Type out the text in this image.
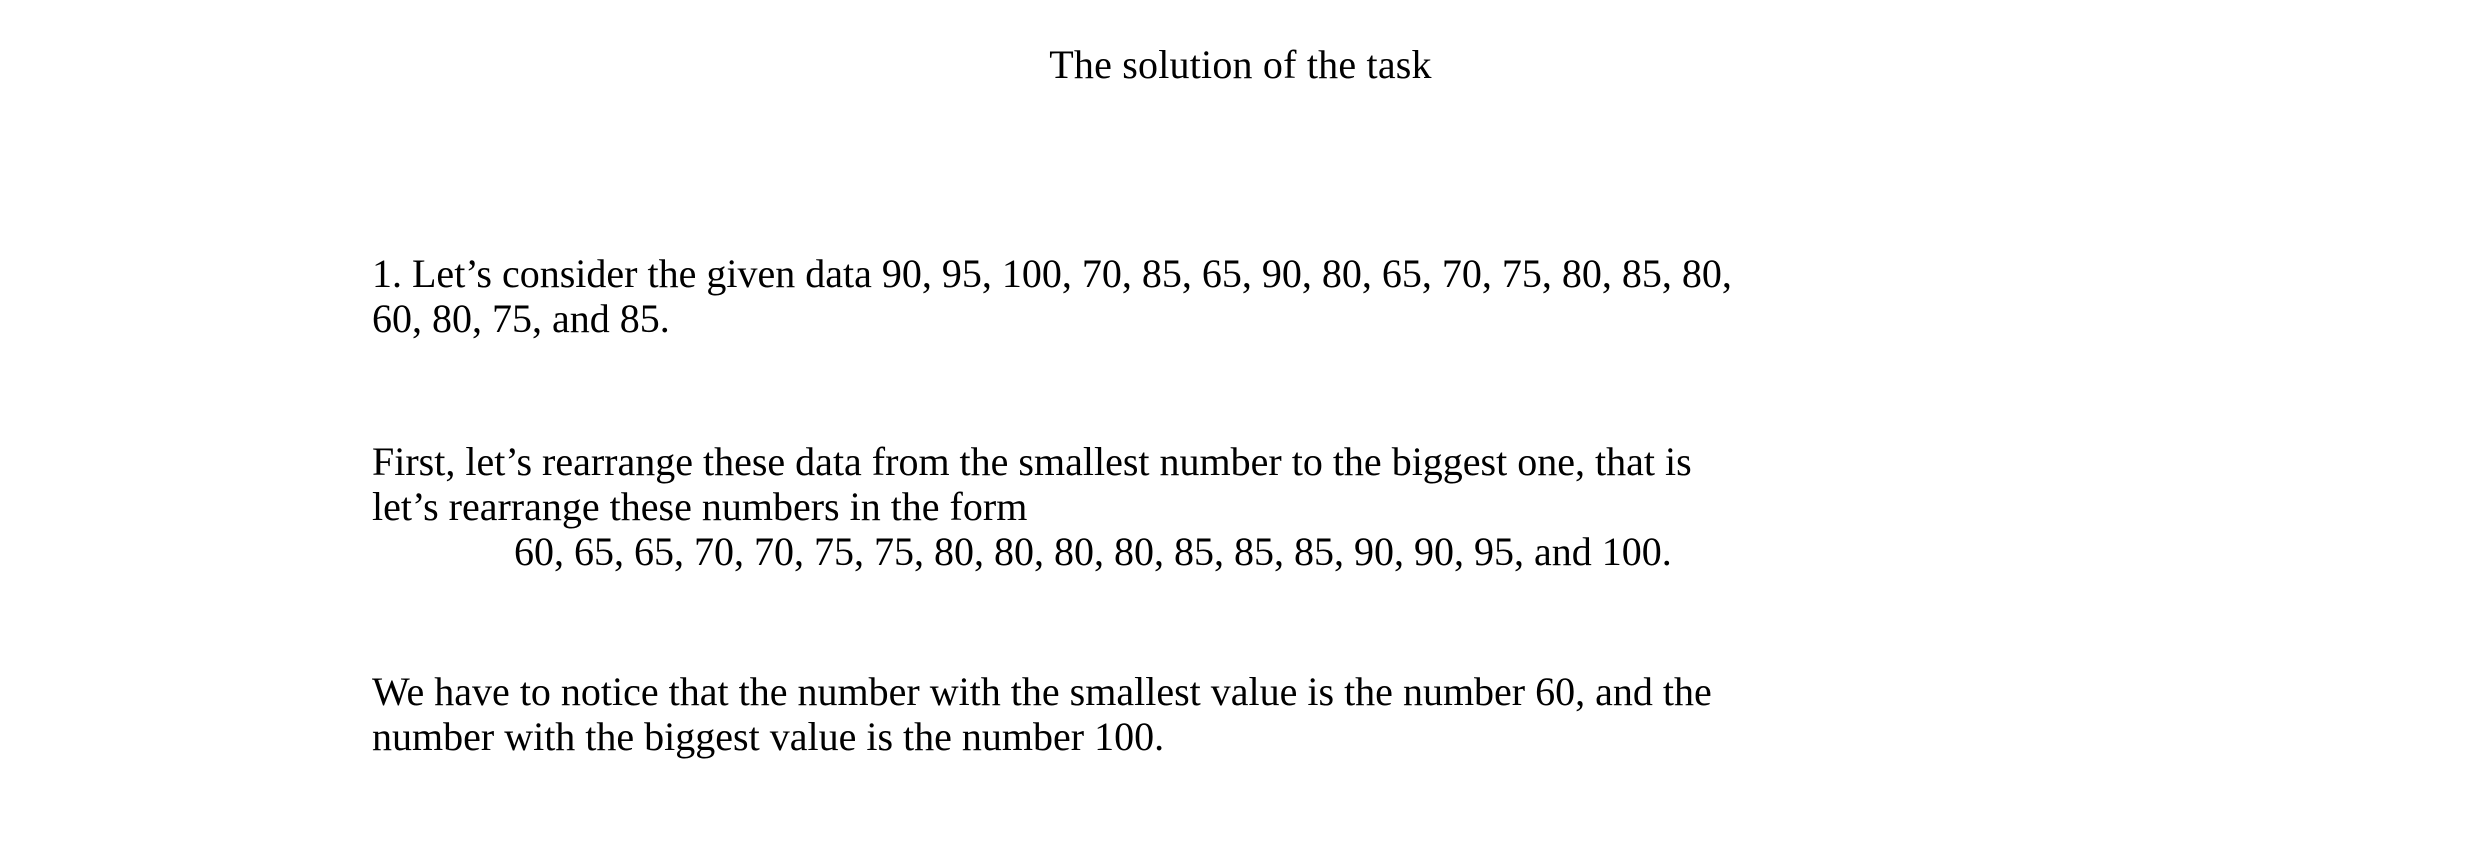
The solution of the task

1. Let’s consider the given data 90, 95, 100, 70, 85, 65, 90, 80, 65, 70, 75, 80, 85, 80,
60, 80, 75, and 85.

First, let’s rearrange these data from the smallest number to the biggest one, that is
let’s rearrange these numbers in the form
60, 65, 65, 70, 70, 75, 75, 80, 80, 80, 80, 85, 85, 85, 90, 90, 95, and 100.

We have to notice that the number with the smallest value is the number 60, and the
number with the biggest value is the number 100.
